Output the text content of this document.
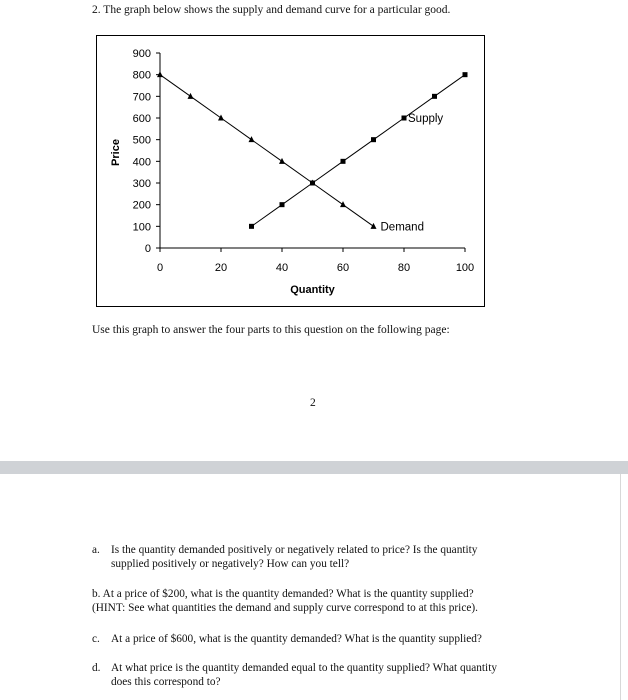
2. The graph below shows the supply and demand curve for a particular good.
0
100
200
300
400
500
600
700
800
900
0	20	40	60	80	100
Quantity
Price
Supply
Demand
Use this graph to answer the four parts to this question on the following page:
2
a. Is the quantity demanded positively or negatively related to price? Is the quantity
supplied positively or negatively? How can you tell?
b. At a price of $200, what is the quantity demanded? What is the quantity supplied?
(HINT: See what quantities the demand and supply curve correspond to at this price).
c. At a price of $600, what is the quantity demanded? What is the quantity supplied?
d. At what price is the quantity demanded equal to the quantity supplied? What quantity
does this correspond to?
